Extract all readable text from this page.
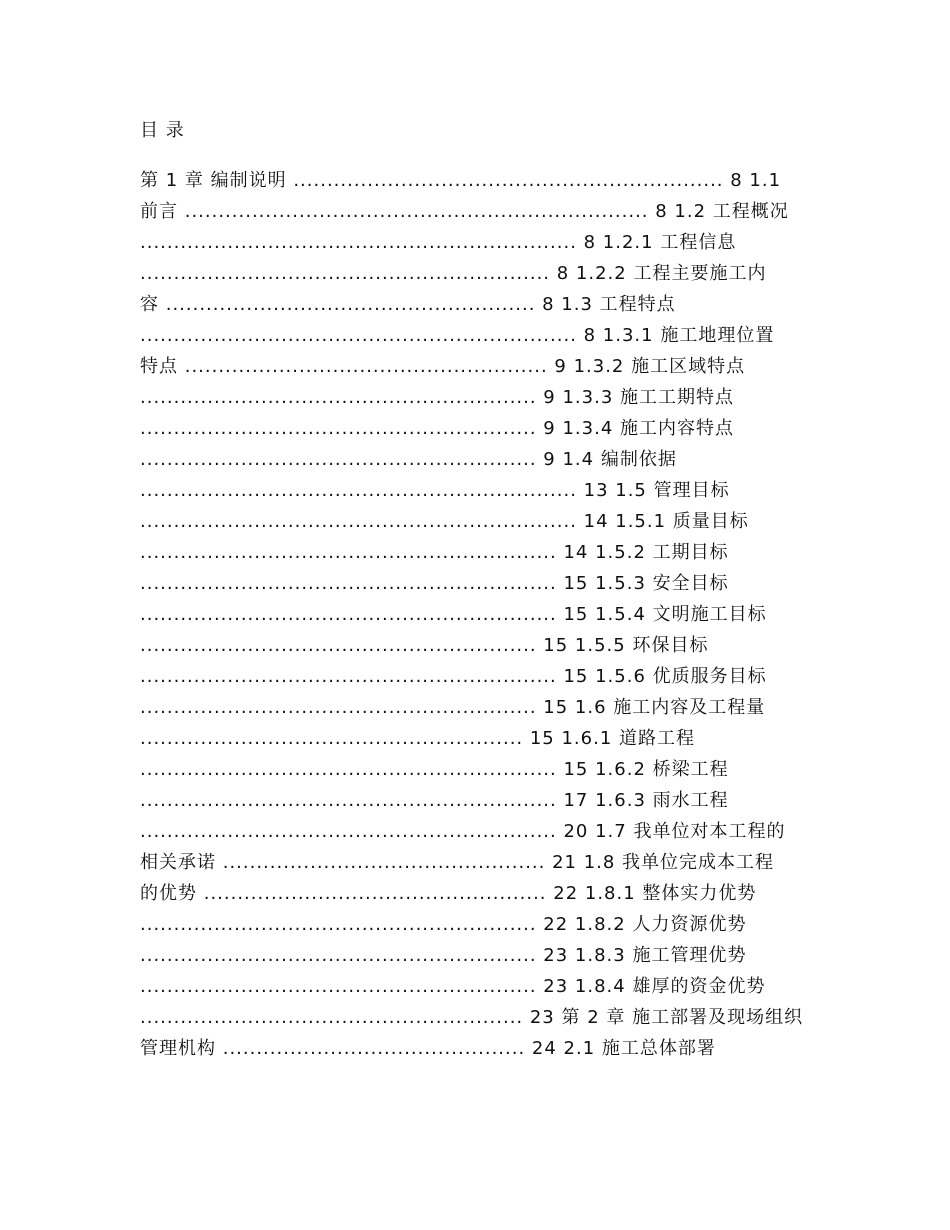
目 录
第 1 章 编制说明 ................................................................ 8 1.1
前言 ..................................................................... 8 1.2 工程概况
................................................................. 8 1.2.1 工程信息
............................................................. 8 1.2.2 工程主要施工内
容 ....................................................... 8 1.3 工程特点
................................................................. 8 1.3.1 施工地理位置
特点 ...................................................... 9 1.3.2 施工区域特点
........................................................... 9 1.3.3 施工工期特点
........................................................... 9 1.3.4 施工内容特点
........................................................... 9 1.4 编制依据
................................................................. 13 1.5 管理目标
................................................................. 14 1.5.1 质量目标
.............................................................. 14 1.5.2 工期目标
.............................................................. 15 1.5.3 安全目标
.............................................................. 15 1.5.4 文明施工目标
........................................................... 15 1.5.5 环保目标
.............................................................. 15 1.5.6 优质服务目标
........................................................... 15 1.6 施工内容及工程量
......................................................... 15 1.6.1 道路工程
.............................................................. 15 1.6.2 桥梁工程
.............................................................. 17 1.6.3 雨水工程
.............................................................. 20 1.7 我单位对本工程的
相关承诺 ................................................ 21 1.8 我单位完成本工程
的优势 ................................................... 22 1.8.1 整体实力优势
........................................................... 22 1.8.2 人力资源优势
........................................................... 23 1.8.3 施工管理优势
........................................................... 23 1.8.4 雄厚的资金优势
......................................................... 23 第 2 章 施工部署及现场组织
管理机构 ............................................. 24 2.1 施工总体部署
